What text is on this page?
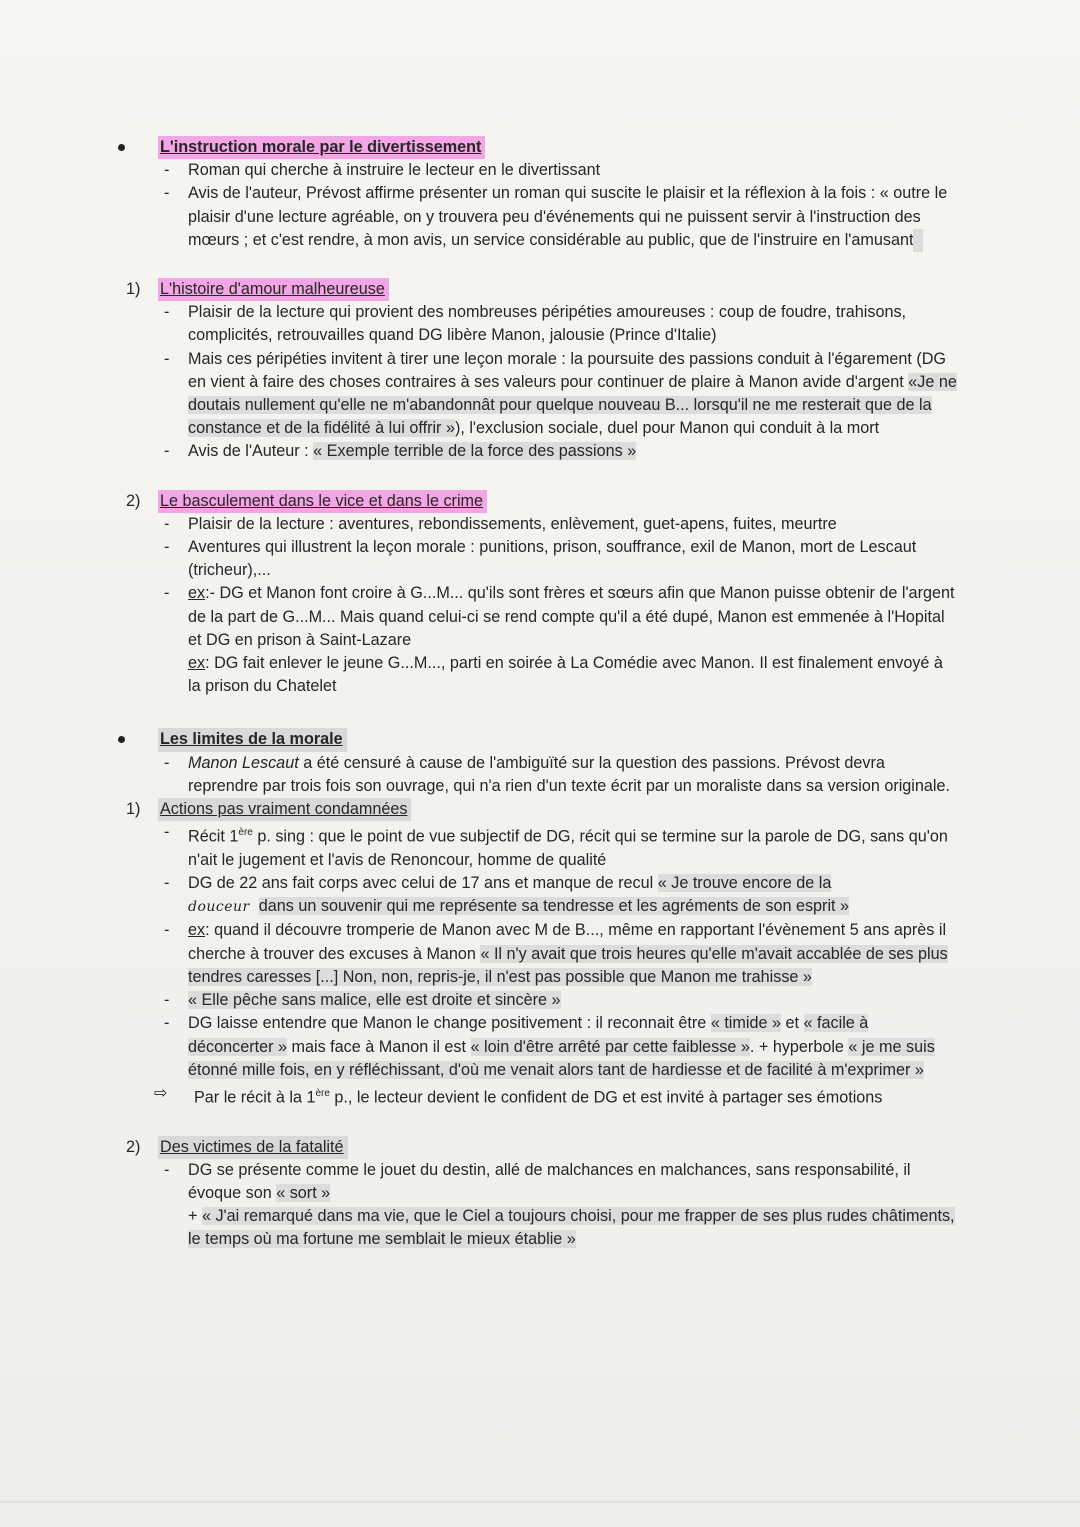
L'instruction morale par le divertissement
- Roman qui cherche à instruire le lecteur en le divertissant
- Avis de l'auteur, Prévost affirme présenter un roman qui suscite le plaisir et la réflexion à la fois : « outre le plaisir d'une lecture agréable, on y trouvera peu d'événements qui ne puissent servir à l'instruction des mœurs ; et c'est rendre, à mon avis, un service considérable au public, que de l'instruire en l'amusant
1) L'histoire d'amour malheureuse
- Plaisir de la lecture qui provient des nombreuses péripéties amoureuses : coup de foudre, trahisons, complicités, retrouvailles quand DG libère Manon, jalousie (Prince d'Italie)
- Mais ces péripéties invitent à tirer une leçon morale : la poursuite des passions conduit à l'égarement (DG en vient à faire des choses contraires à ses valeurs pour continuer de plaire à Manon avide d'argent «Je ne doutais nullement qu'elle ne m'abandonnât pour quelque nouveau B... lorsqu'il ne me resterait que de la constance et de la fidélité à lui offrir »), l'exclusion sociale, duel pour Manon qui conduit à la mort
- Avis de l'Auteur : « Exemple terrible de la force des passions »
2) Le basculement dans le vice et dans le crime
- Plaisir de la lecture : aventures, rebondissements, enlèvement, guet-apens, fuites, meurtre
- Aventures qui illustrent la leçon morale : punitions, prison, souffrance, exil de Manon, mort de Lescaut (tricheur),...
- ex:- DG et Manon font croire à G...M... qu'ils sont frères et sœurs afin que Manon puisse obtenir de l'argent de la part de G...M... Mais quand celui-ci se rend compte qu'il a été dupé, Manon est emmenée à l'Hopital et DG en prison à Saint-Lazare
ex: DG fait enlever le jeune G...M..., parti en soirée à La Comédie avec Manon. Il est finalement envoyé à la prison du Chatelet
Les limites de la morale
- Manon Lescaut a été censuré à cause de l'ambiguïté sur la question des passions. Prévost devra reprendre par trois fois son ouvrage, qui n'a rien d'un texte écrit par un moraliste dans sa version originale.
1) Actions pas vraiment condamnées
- Récit 1ère p. sing : que le point de vue subjectif de DG, récit qui se termine sur la parole de DG, sans qu'on n'ait le jugement et l'avis de Renoncour, homme de qualité
- DG de 22 ans fait corps avec celui de 17 ans et manque de recul « Je trouve encore de la
douceur dans un souvenir qui me représente sa tendresse et les agréments de son esprit »
- ex: quand il découvre tromperie de Manon avec M de B..., même en rapportant l'évènement 5 ans après il cherche à trouver des excuses à Manon « Il n'y avait que trois heures qu'elle m'avait accablée de ses plus tendres caresses [...] Non, non, repris-je, il n'est pas possible que Manon me trahisse »
- « Elle pêche sans malice, elle est droite et sincère »
- DG laisse entendre que Manon le change positivement : il reconnait être « timide » et « facile à déconcerter » mais face à Manon il est « loin d'être arrêté par cette faiblesse ». + hyperbole « je me suis étonné mille fois, en y réfléchissant, d'où me venait alors tant de hardiesse et de facilité à m'exprimer »
⇨ Par le récit à la 1ère p., le lecteur devient le confident de DG et est invité à partager ses émotions
2) Des victimes de la fatalité
- DG se présente comme le jouet du destin, allé de malchances en malchances, sans responsabilité, il évoque son « sort »
+ « J'ai remarqué dans ma vie, que le Ciel a toujours choisi, pour me frapper de ses plus rudes châtiments, le temps où ma fortune me semblait le mieux établie »
